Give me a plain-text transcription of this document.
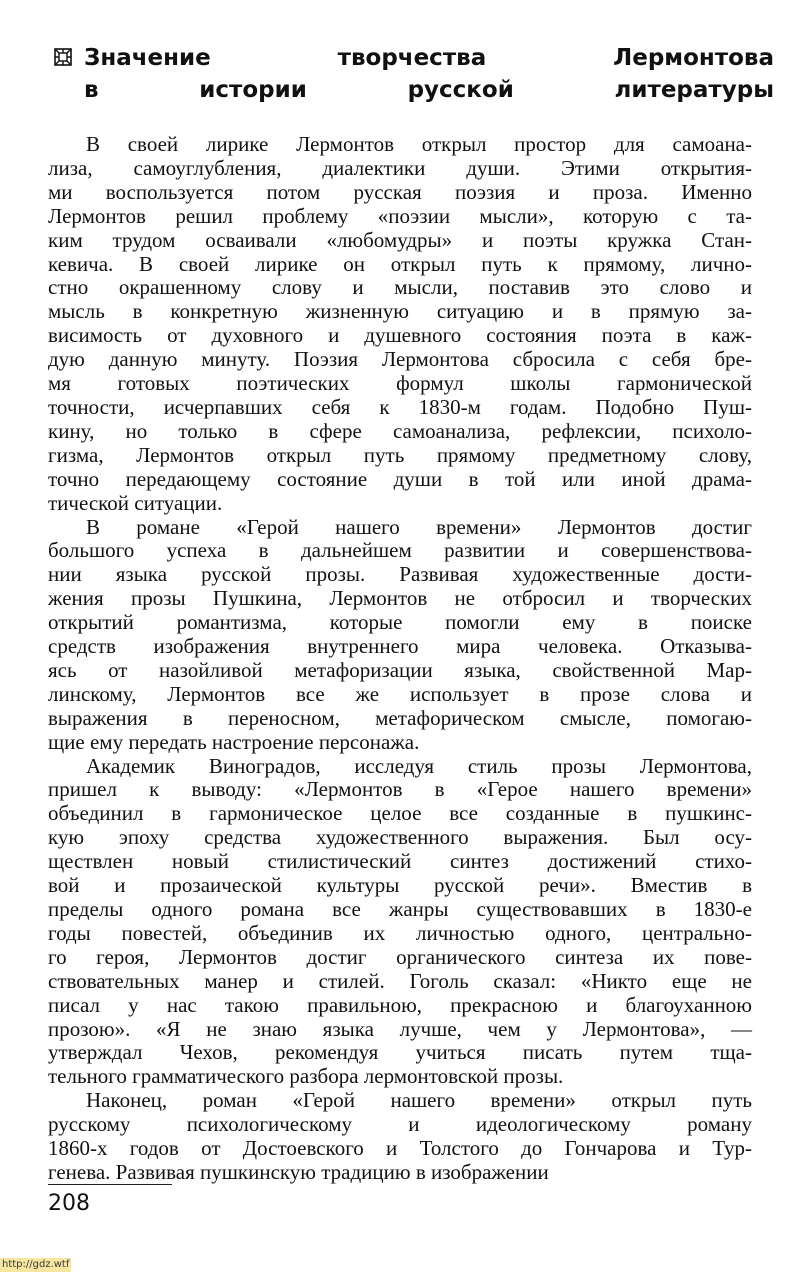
Значение творчества Лермонтова
в истории русской литературы
В своей лирике Лермонтов открыл простор для самоана-
лиза, самоуглубления, диалектики души. Этими открытия-
ми воспользуется потом русская поэзия и проза. Именно
Лермонтов решил проблему «поэзии мысли», которую с та-
ким трудом осваивали «любомудры» и поэты кружка Стан-
кевича. В своей лирике он открыл путь к прямому, лично-
стно окрашенному слову и мысли, поставив это слово и
мысль в конкретную жизненную ситуацию и в прямую за-
висимость от духовного и душевного состояния поэта в каж-
дую данную минуту. Поэзия Лермонтова сбросила с себя бре-
мя готовых поэтических формул школы гармонической
точности, исчерпавших себя к 1830-м годам. Подобно Пуш-
кину, но только в сфере самоанализа, рефлексии, психоло-
гизма, Лермонтов открыл путь прямому предметному слову,
точно передающему состояние души в той или иной драма-
тической ситуации.
В романе «Герой нашего времени» Лермонтов достиг
большого успеха в дальнейшем развитии и совершенствова-
нии языка русской прозы. Развивая художественные дости-
жения прозы Пушкина, Лермонтов не отбросил и творческих
открытий романтизма, которые помогли ему в поиске
средств изображения внутреннего мира человека. Отказыва-
ясь от назойливой метафоризации языка, свойственной Мар-
линскому, Лермонтов все же использует в прозе слова и
выражения в переносном, метафорическом смысле, помогаю-
щие ему передать настроение персонажа.
Академик Виноградов, исследуя стиль прозы Лермонтова,
пришел к выводу: «Лермонтов в «Герое нашего времени»
объединил в гармоническое целое все созданные в пушкинс-
кую эпоху средства художественного выражения. Был осу-
ществлен новый стилистический синтез достижений стихо-
вой и прозаической культуры русской речи». Вместив в
пределы одного романа все жанры существовавших в 1830-е
годы повестей, объединив их личностью одного, центрально-
го героя, Лермонтов достиг органического синтеза их пове-
ствовательных манер и стилей. Гоголь сказал: «Никто еще не
писал у нас такою правильною, прекрасною и благоуханною
прозою». «Я не знаю языка лучше, чем у Лермонтова», —
утверждал Чехов, рекомендуя учиться писать путем тща-
тельного грамматического разбора лермонтовской прозы.
Наконец, роман «Герой нашего времени» открыл путь
русскому психологическому и идеологическому роману
1860-х годов от Достоевского и Толстого до Гончарова и Тур-
генева. Развивая пушкинскую традицию в изображении
208
http://gdz.wtf
